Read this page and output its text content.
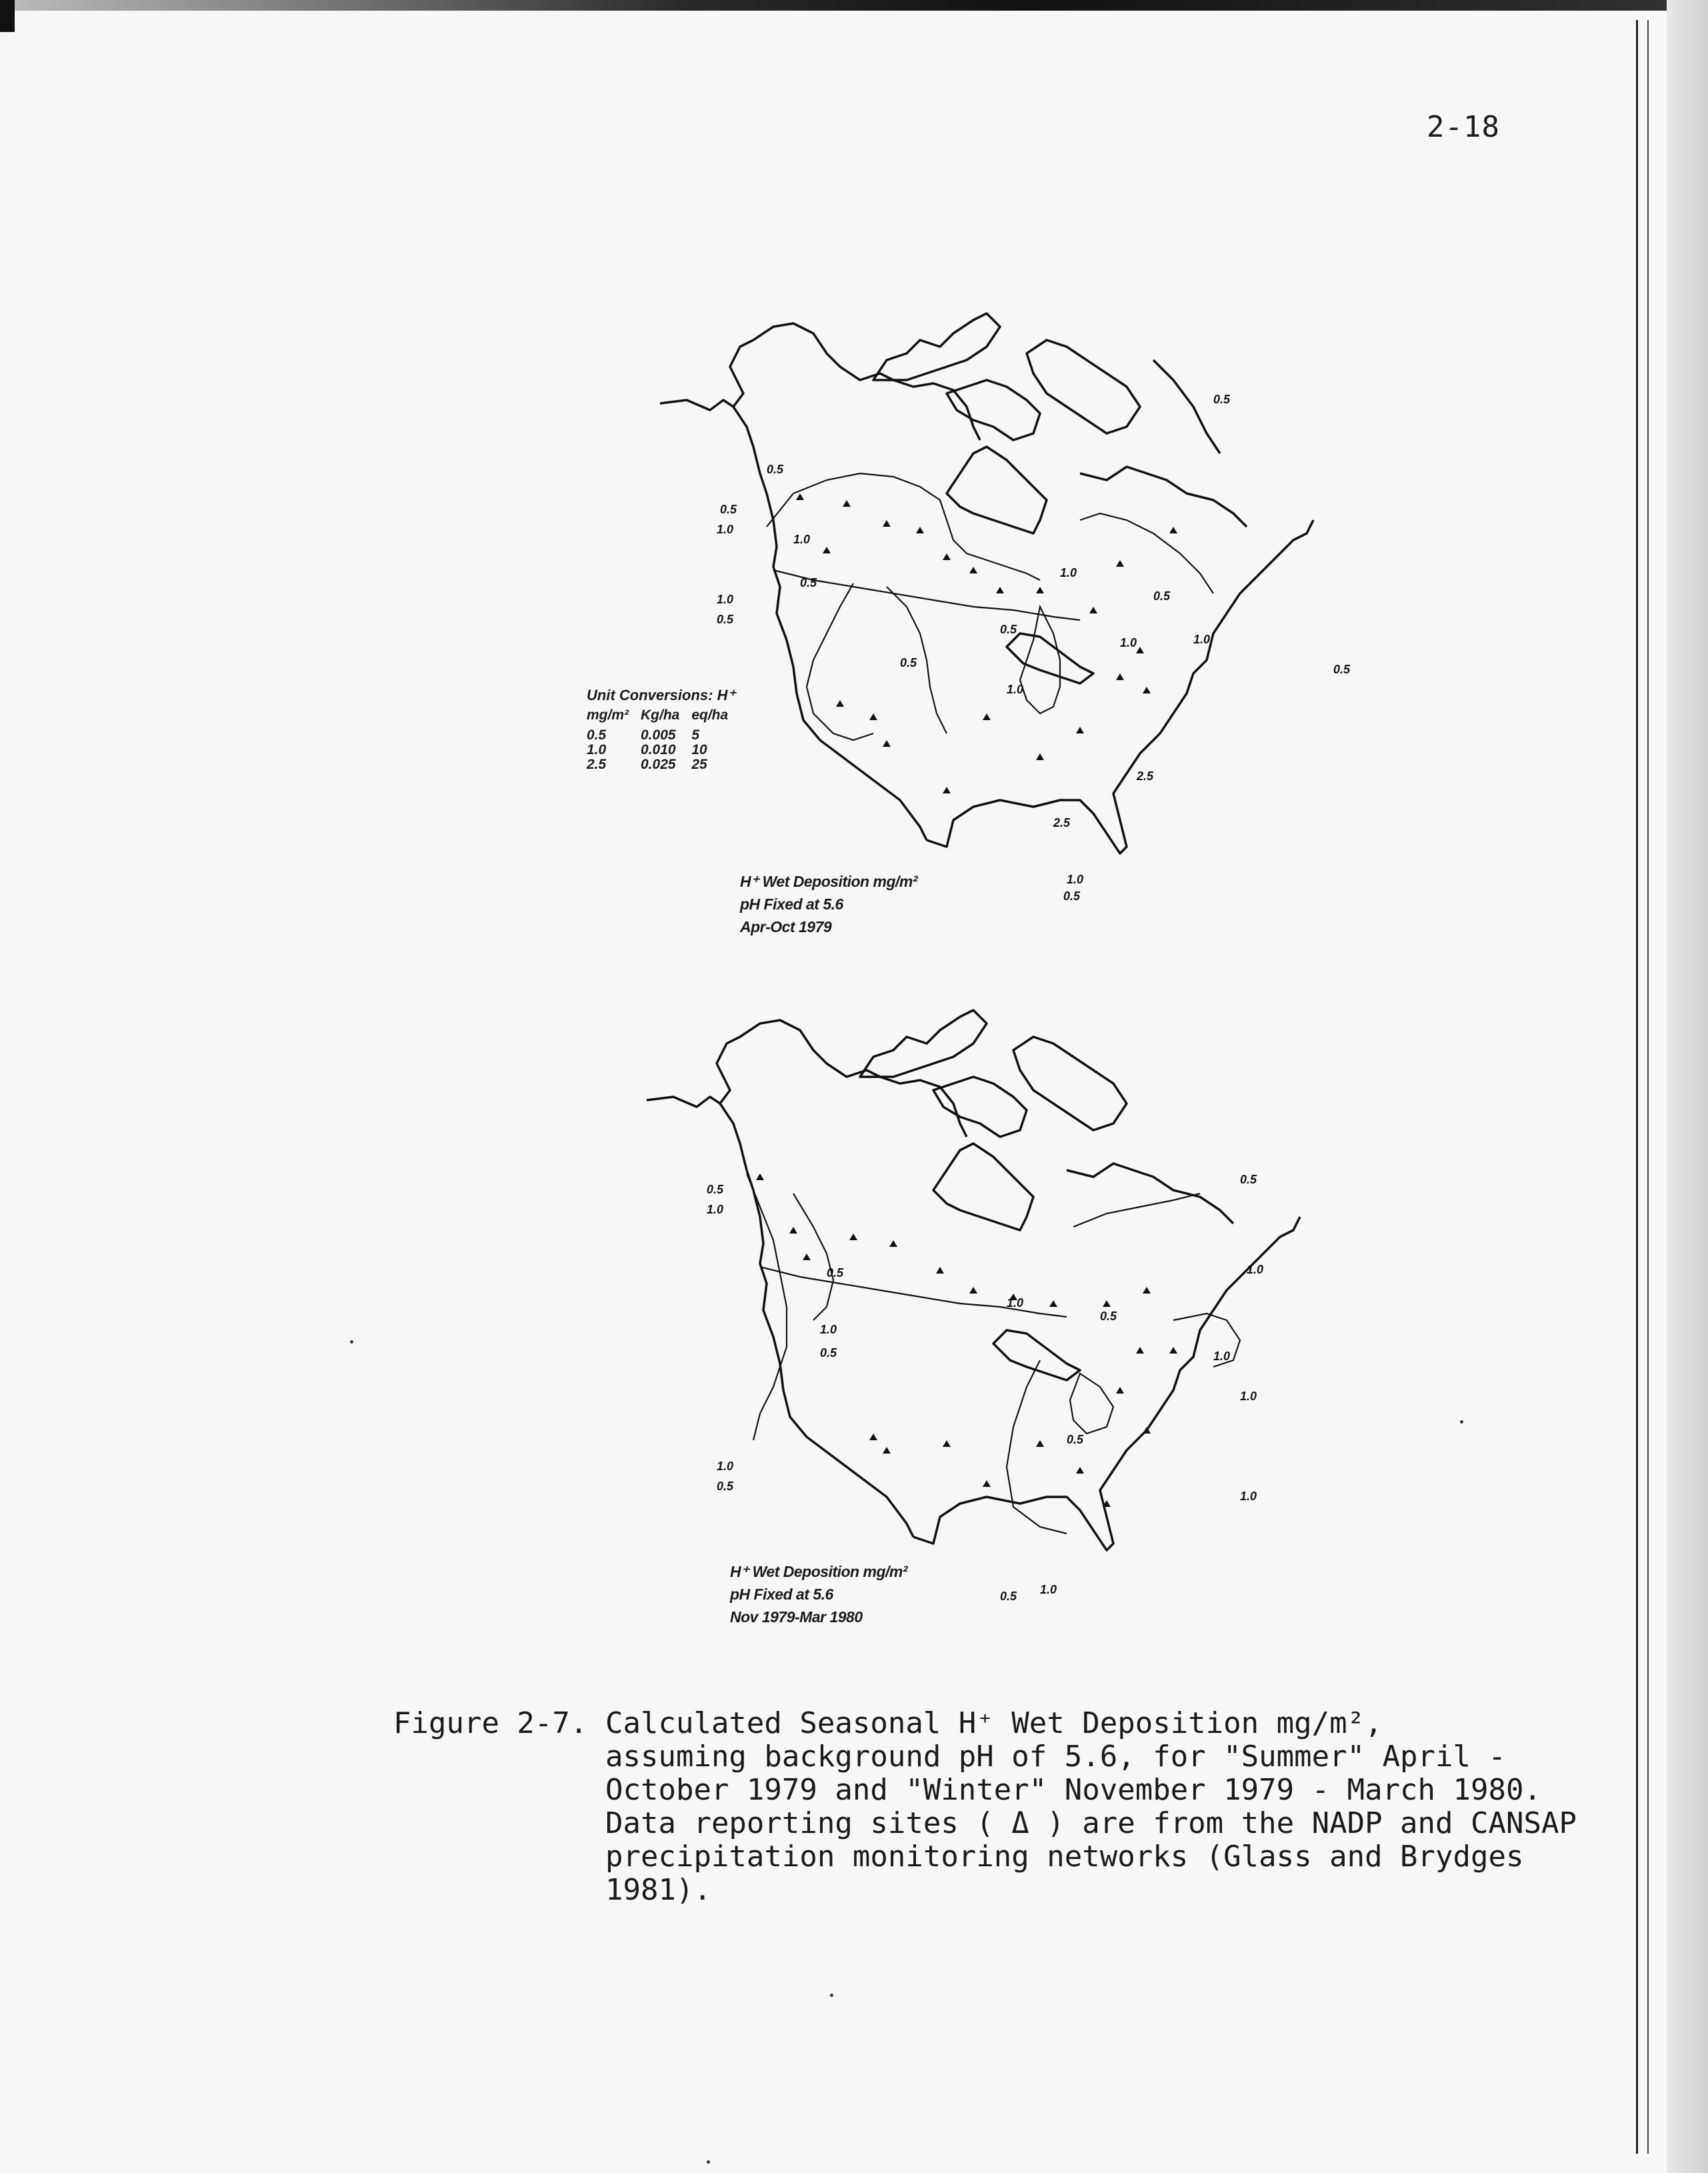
2-18
0.5
0.5
1.0
0.5
1.0
0.5
1.0
0.5
0.5
1.0
0.5
1.0
2.5
2.5
1.0
0.5
0.5
1.0
1.0
0.5
Unit Conversions: H⁺
mg/m²	Kg/ha	eq/ha
0.5	0.005	5
1.0	0.010	10
2.5	0.025	25
H⁺ Wet Deposition mg/m²
pH Fixed at 5.6
Apr-Oct 1979
0.5
1.0
0.5
1.0
0.5
1.0
0.5
1.0
0.5
1.0
0.5
0.5
1.0
1.0
0.5 1.0
1.0
H⁺ Wet Deposition mg/m²
pH Fixed at 5.6
Nov 1979-Mar 1980
Figure 2-7. Calculated Seasonal H⁺ Wet Deposition mg/m²,
assuming background pH of 5.6, for "Summer" April -
October 1979 and "Winter" November 1979 - March 1980.
Data reporting sites ( Δ ) are from the NADP and CANSAP
precipitation monitoring networks (Glass and Brydges
1981).
